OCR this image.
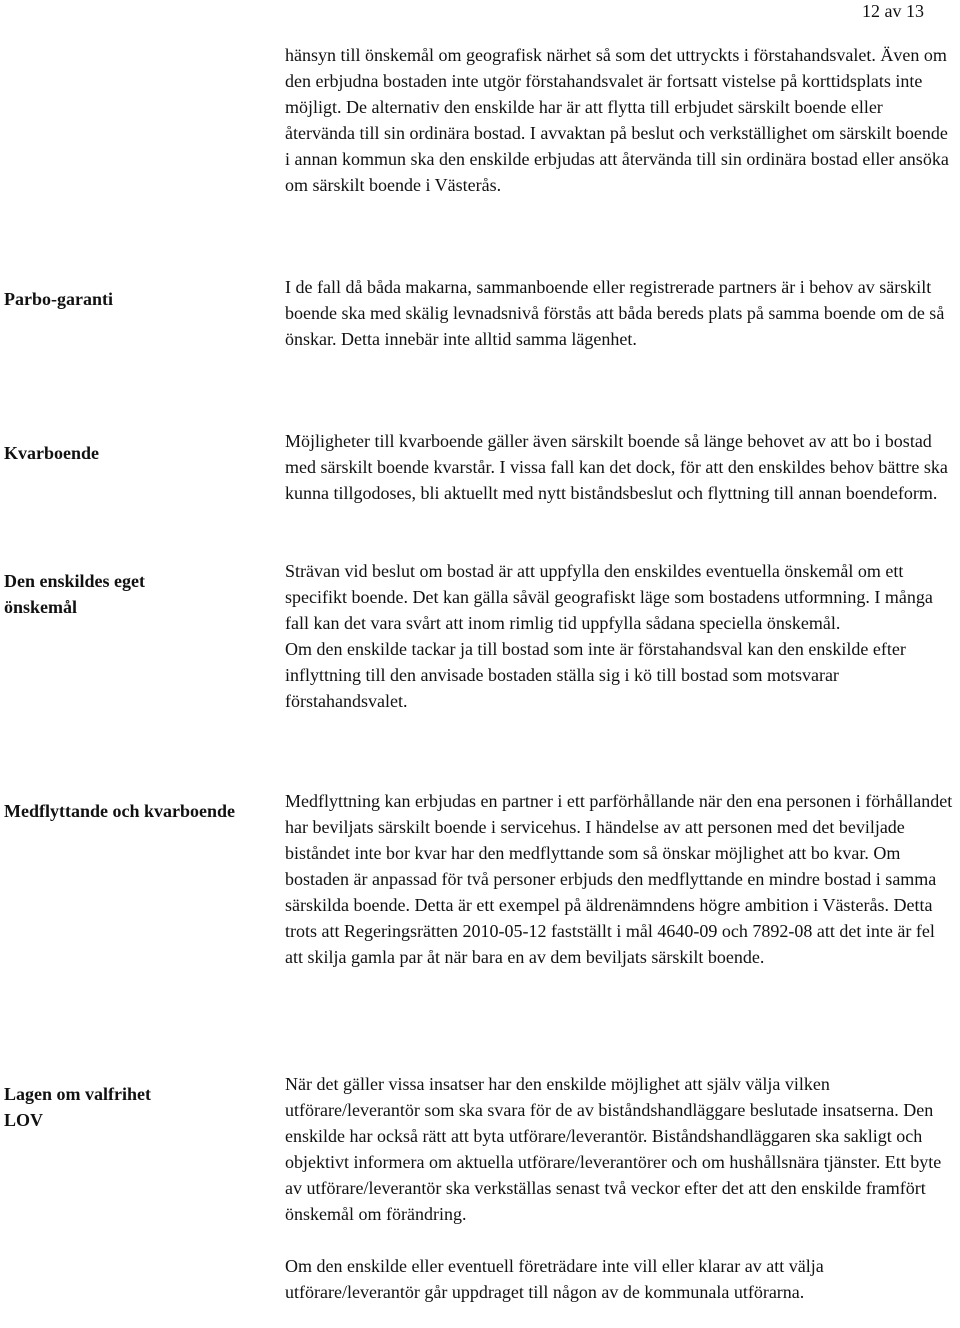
12 av 13

hänsyn till önskemål om geografisk närhet så som det uttryckts i förstahandsvalet. Även om den erbjudna bostaden inte utgör förstahandsvalet är fortsatt vistelse på korttidsplats inte möjligt. De alternativ den enskilde har är att flytta till erbjudet särskilt boende eller återvända till sin ordinära bostad. I avvaktan på beslut och verkställighet om särskilt boende i annan kommun ska den enskilde erbjudas att återvända till sin ordinära bostad eller ansöka om särskilt boende i Västerås.

Parbo-garanti

I de fall då båda makarna, sammanboende eller registrerade partners är i behov av särskilt boende ska med skälig levnadsnivå förstås att båda bereds plats på samma boende om de så önskar. Detta innebär inte alltid samma lägenhet.

Kvarboende

Möjligheter till kvarboende gäller även särskilt boende så länge behovet av att bo i bostad med särskilt boende kvarstår. I vissa fall kan det dock, för att den enskildes behov bättre ska kunna tillgodoses, bli aktuellt med nytt biståndsbeslut och flyttning till annan boendeform.

Den enskildes eget önskemål

Strävan vid beslut om bostad är att uppfylla den enskildes eventuella önskemål om ett specifikt boende. Det kan gälla såväl geografiskt läge som bostadens utformning. I många fall kan det vara svårt att inom rimlig tid uppfylla sådana speciella önskemål.

Om den enskilde tackar ja till bostad som inte är förstahandsval kan den enskilde efter inflyttning till den anvisade bostaden ställa sig i kö till bostad som motsvarar förstahandsvalet.

Medflyttande och kvarboende	Medflyttning kan erbjudas en partner i ett parförhållande när den ena personen i förhållandet har beviljats särskilt boende i servicehus. I händelse av att personen med det beviljade biståndet inte bor kvar har den medflyttande som så önskar möjlighet att bo kvar. Om bostaden är anpassad för två personer erbjuds den medflyttande en mindre bostad i samma särskilda boende. Detta är ett exempel på äldrenämndens högre ambition i Västerås. Detta trots att Regeringsrätten 2010-05-12 fastställt i mål 4640-09 och 7892-08 att det inte är fel att skilja gamla par åt när bara en av dem beviljats särskilt boende.

Lagen om valfrihet LOV

När det gäller vissa insatser har den enskilde möjlighet att själv välja vilken utförare/leverantör som ska svara för de av biståndshandläggare beslutade insatserna. Den enskilde har också rätt att byta utförare/leverantör. Biståndshandläggaren ska sakligt och objektivt informera om aktuella utförare/leverantörer och om hushållsnära tjänster. Ett byte av utförare/leverantör ska verkställas senast två veckor efter det att den enskilde framfört önskemål om förändring.

Om den enskilde eller eventuell företrädare inte vill eller klarar av att välja utförare/leverantör går uppdraget till någon av de kommunala utförarna.
